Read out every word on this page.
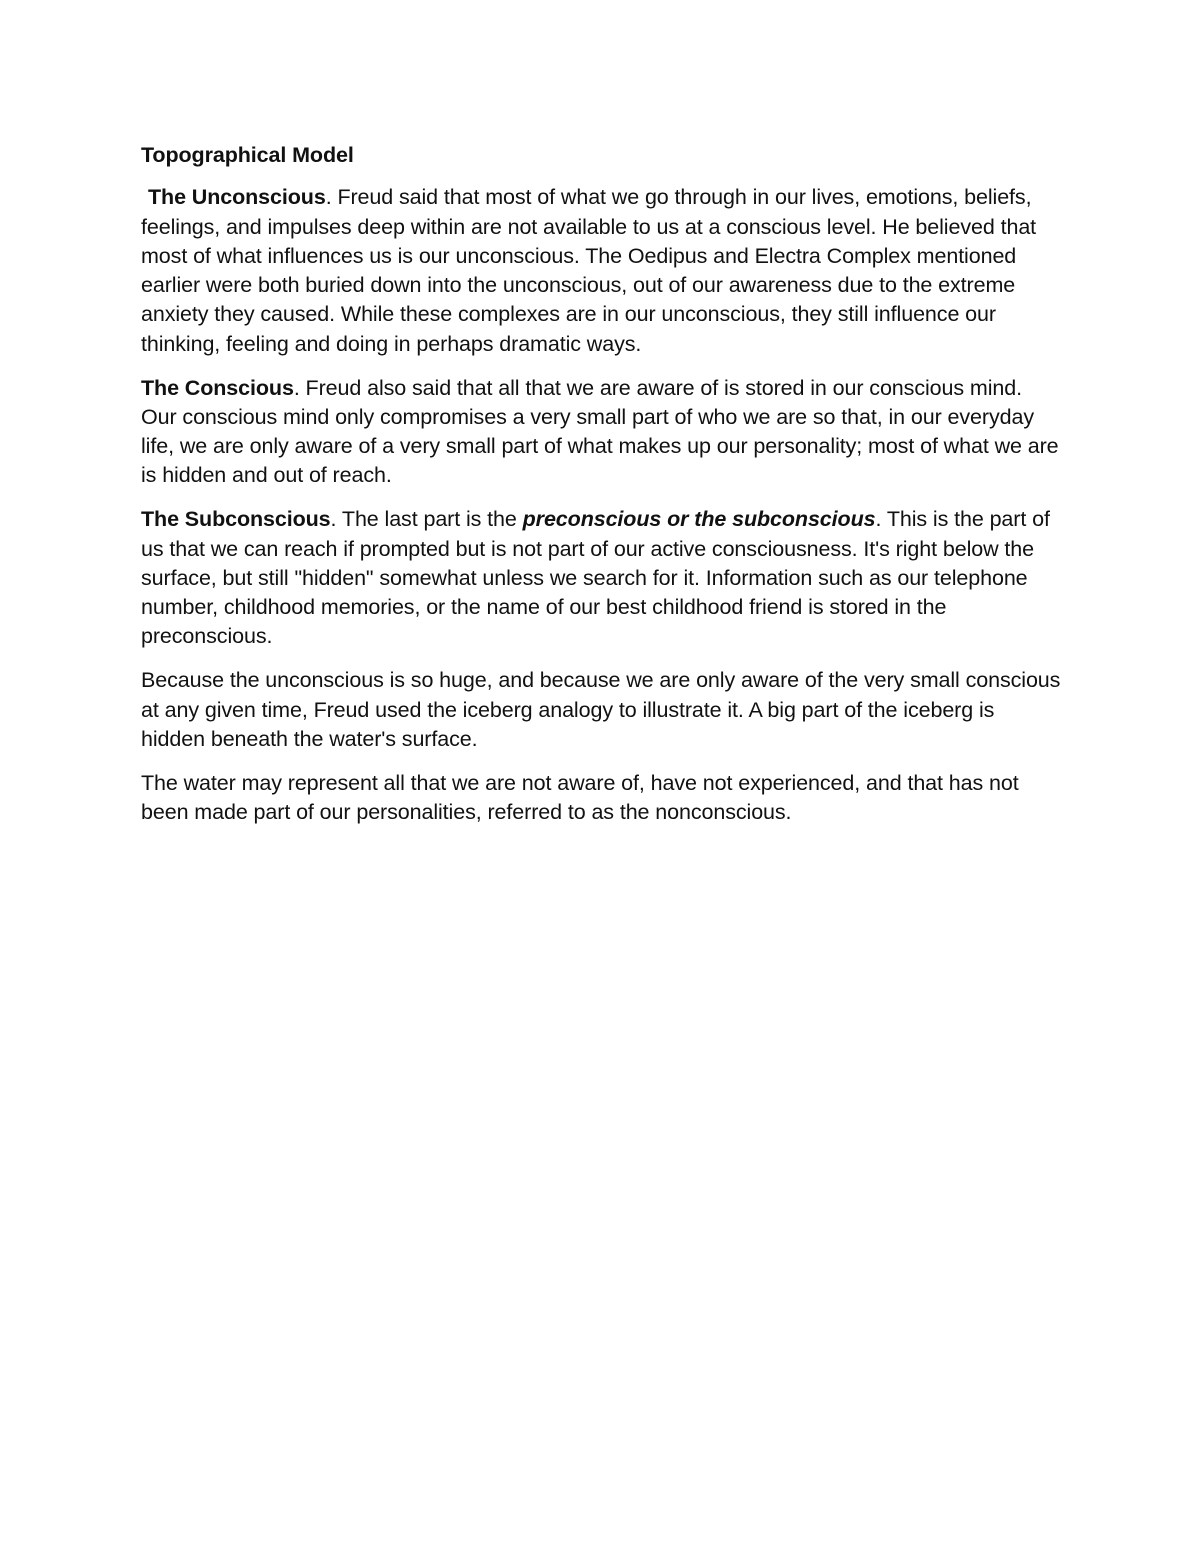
Topographical Model

The Unconscious. Freud said that most of what we go through in our lives, emotions, beliefs, feelings, and impulses deep within are not available to us at a conscious level. He believed that most of what influences us is our unconscious. The Oedipus and Electra Complex mentioned earlier were both buried down into the unconscious, out of our awareness due to the extreme anxiety they caused. While these complexes are in our unconscious, they still influence our thinking, feeling and doing in perhaps dramatic ways.

The Conscious. Freud also said that all that we are aware of is stored in our conscious mind. Our conscious mind only compromises a very small part of who we are so that, in our everyday life, we are only aware of a very small part of what makes up our personality; most of what we are is hidden and out of reach.

The Subconscious. The last part is the preconscious or the subconscious. This is the part of us that we can reach if prompted but is not part of our active consciousness. It's right below the surface, but still "hidden" somewhat unless we search for it. Information such as our telephone number, childhood memories, or the name of our best childhood friend is stored in the preconscious.

Because the unconscious is so huge, and because we are only aware of the very small conscious at any given time, Freud used the iceberg analogy to illustrate it. A big part of the iceberg is hidden beneath the water's surface.

The water may represent all that we are not aware of, have not experienced, and that has not been made part of our personalities, referred to as the nonconscious.
